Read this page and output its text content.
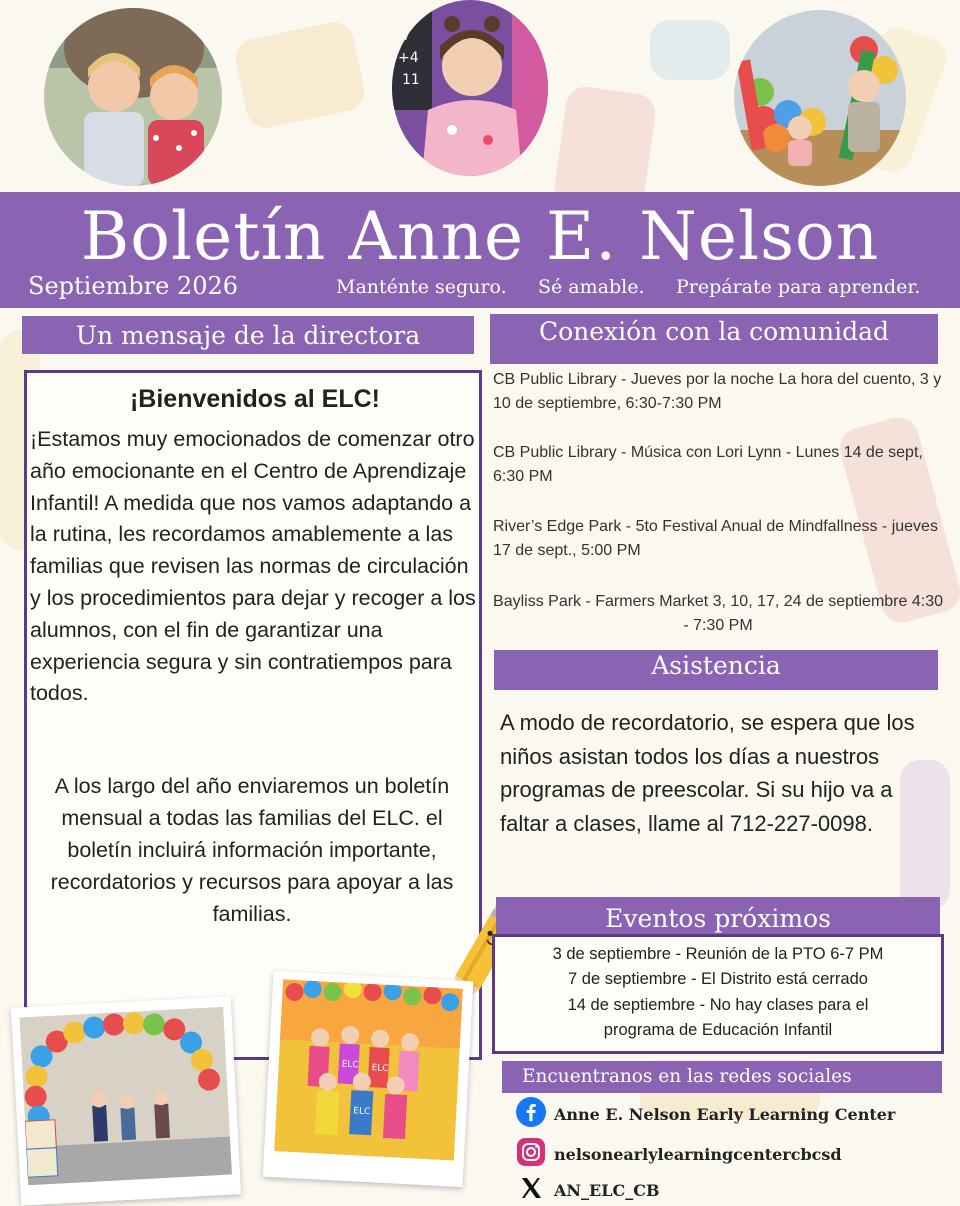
7
+4
11
Boletín Anne E. Nelson
Septiembre 2026	Manténte seguro. Sé amable. Prepárate para aprender.
Un mensaje de la directora
¡Bienvenidos al ELC!
¡Estamos muy emocionados de comenzar otro año emocionante en el Centro de Aprendizaje Infantil! A medida que nos vamos adaptando a la rutina, les recordamos amablemente a las familias que revisen las normas de circulación y los procedimientos para dejar y recoger a los alumnos, con el fin de garantizar una experiencia segura y sin contratiempos para todos.
A los largo del año enviaremos un boletín mensual a todas las familias del ELC. el boletín incluirá información importante, recordatorios y recursos para apoyar a las familias.
Conexión con la comunidad
CB Public Library - Jueves por la noche La hora del cuento, 3 y 10 de septiembre, 6:30-7:30 PM
CB Public Library - Música con Lori Lynn - Lunes 14 de sept, 6:30 PM
River’s Edge Park - 5to Festival Anual de Mindfallness - jueves 17 de sept., 5:00 PM
Bayliss Park - Farmers Market 3, 10, 17, 24 de septiembre 4:30 - 7:30 PM
Asistencia
A modo de recordatorio, se espera que los niños asistan todos los días a nuestros programas de preescolar. Si su hijo va a faltar a clases, llame al 712-227-0098.
Eventos próximos
3 de septiembre - Reunión de la PTO 6-7 PM
7 de septiembre - El Distrito está cerrado
14 de septiembre - No hay clases para el
programa de Educación Infantil
Encuentranos en las redes sociales
Anne E. Nelson Early Learning Center
nelsonearlylearningcentercbcsd
AN_ELC_CB
ELC ELC
ELC
